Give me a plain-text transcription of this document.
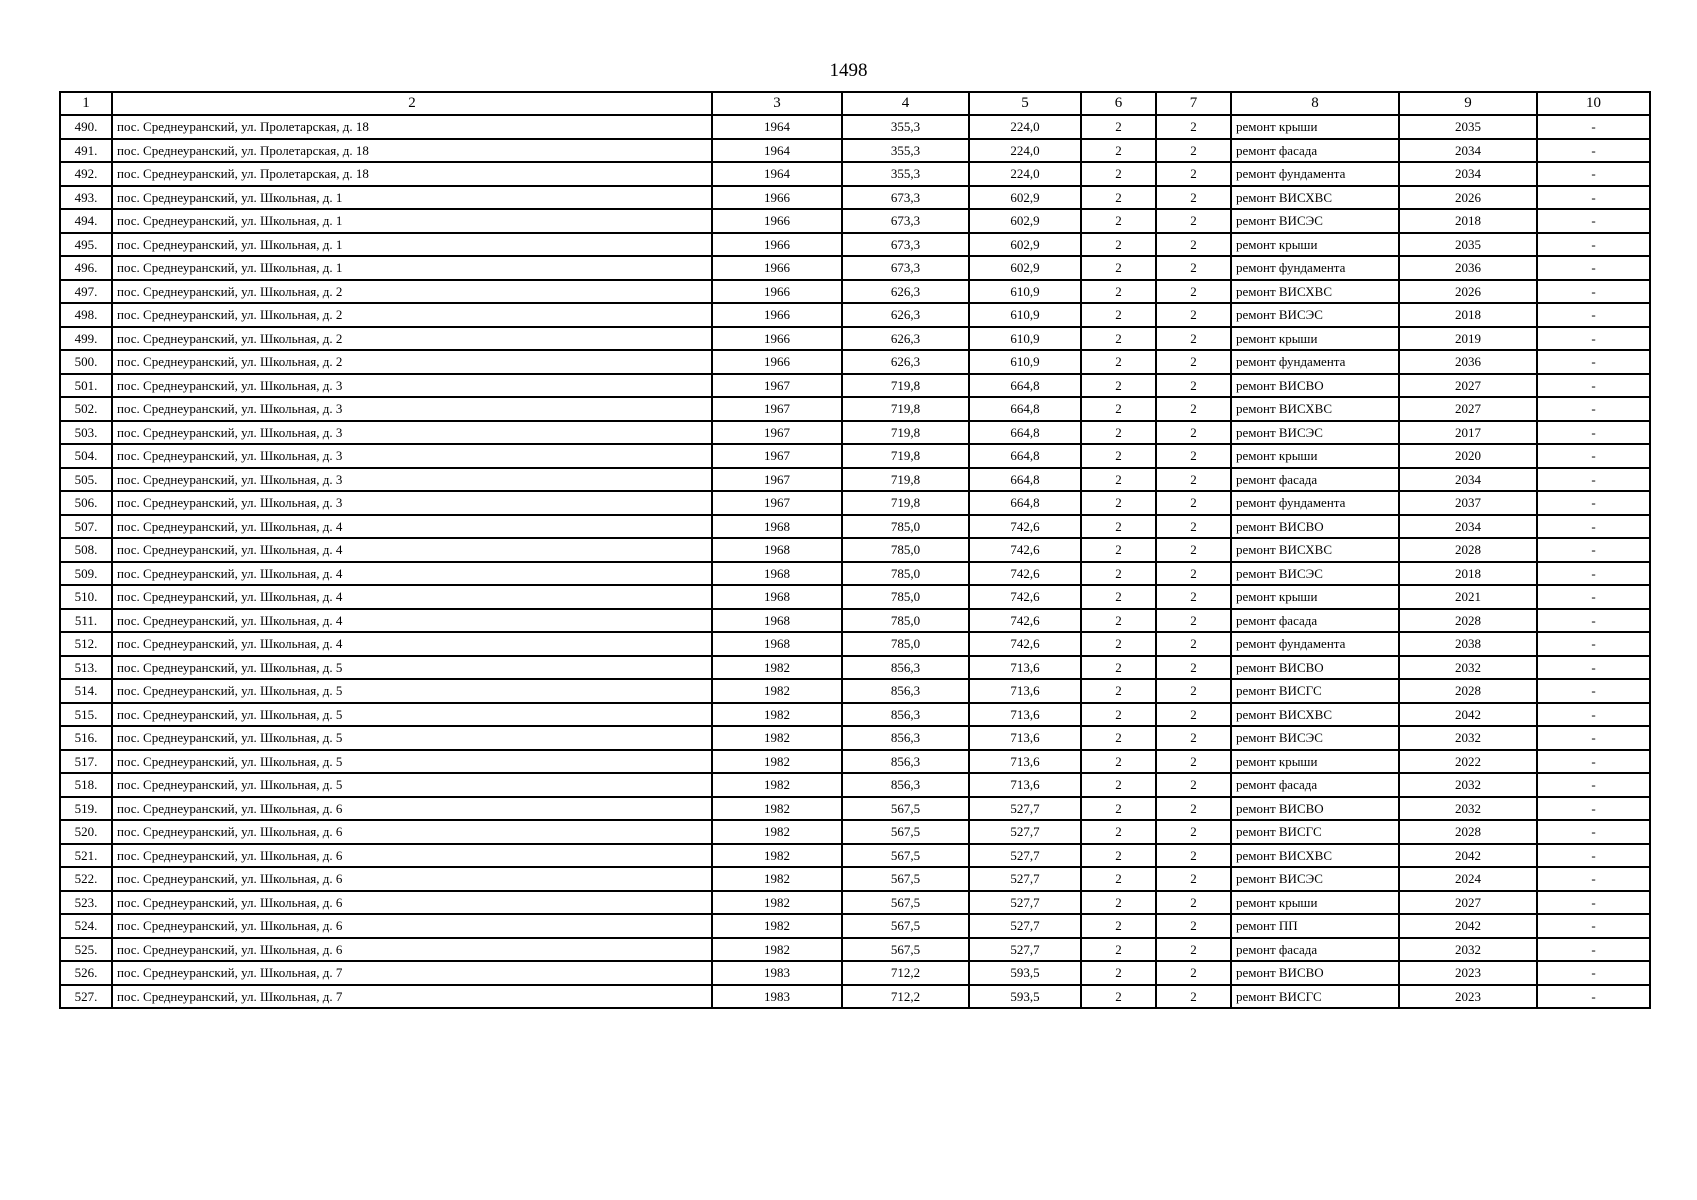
1498
1	2	3	4	5	6	7	8	9	10
490.	пос. Среднеуранский, ул. Пролетарская, д. 18	1964	355,3	224,0	2	2	ремонт крыши	2035	-
491.	пос. Среднеуранский, ул. Пролетарская, д. 18	1964	355,3	224,0	2	2	ремонт фасада	2034	-
492.	пос. Среднеуранский, ул. Пролетарская, д. 18	1964	355,3	224,0	2	2	ремонт фундамента	2034	-
493.	пос. Среднеуранский, ул. Школьная, д. 1	1966	673,3	602,9	2	2	ремонт ВИСХВС	2026	-
494.	пос. Среднеуранский, ул. Школьная, д. 1	1966	673,3	602,9	2	2	ремонт ВИСЭС	2018	-
495.	пос. Среднеуранский, ул. Школьная, д. 1	1966	673,3	602,9	2	2	ремонт крыши	2035	-
496.	пос. Среднеуранский, ул. Школьная, д. 1	1966	673,3	602,9	2	2	ремонт фундамента	2036	-
497.	пос. Среднеуранский, ул. Школьная, д. 2	1966	626,3	610,9	2	2	ремонт ВИСХВС	2026	-
498.	пос. Среднеуранский, ул. Школьная, д. 2	1966	626,3	610,9	2	2	ремонт ВИСЭС	2018	-
499.	пос. Среднеуранский, ул. Школьная, д. 2	1966	626,3	610,9	2	2	ремонт крыши	2019	-
500.	пос. Среднеуранский, ул. Школьная, д. 2	1966	626,3	610,9	2	2	ремонт фундамента	2036	-
501.	пос. Среднеуранский, ул. Школьная, д. 3	1967	719,8	664,8	2	2	ремонт ВИСВО	2027	-
502.	пос. Среднеуранский, ул. Школьная, д. 3	1967	719,8	664,8	2	2	ремонт ВИСХВС	2027	-
503.	пос. Среднеуранский, ул. Школьная, д. 3	1967	719,8	664,8	2	2	ремонт ВИСЭС	2017	-
504.	пос. Среднеуранский, ул. Школьная, д. 3	1967	719,8	664,8	2	2	ремонт крыши	2020	-
505.	пос. Среднеуранский, ул. Школьная, д. 3	1967	719,8	664,8	2	2	ремонт фасада	2034	-
506.	пос. Среднеуранский, ул. Школьная, д. 3	1967	719,8	664,8	2	2	ремонт фундамента	2037	-
507.	пос. Среднеуранский, ул. Школьная, д. 4	1968	785,0	742,6	2	2	ремонт ВИСВО	2034	-
508.	пос. Среднеуранский, ул. Школьная, д. 4	1968	785,0	742,6	2	2	ремонт ВИСХВС	2028	-
509.	пос. Среднеуранский, ул. Школьная, д. 4	1968	785,0	742,6	2	2	ремонт ВИСЭС	2018	-
510.	пос. Среднеуранский, ул. Школьная, д. 4	1968	785,0	742,6	2	2	ремонт крыши	2021	-
511.	пос. Среднеуранский, ул. Школьная, д. 4	1968	785,0	742,6	2	2	ремонт фасада	2028	-
512.	пос. Среднеуранский, ул. Школьная, д. 4	1968	785,0	742,6	2	2	ремонт фундамента	2038	-
513.	пос. Среднеуранский, ул. Школьная, д. 5	1982	856,3	713,6	2	2	ремонт ВИСВО	2032	-
514.	пос. Среднеуранский, ул. Школьная, д. 5	1982	856,3	713,6	2	2	ремонт ВИСГС	2028	-
515.	пос. Среднеуранский, ул. Школьная, д. 5	1982	856,3	713,6	2	2	ремонт ВИСХВС	2042	-
516.	пос. Среднеуранский, ул. Школьная, д. 5	1982	856,3	713,6	2	2	ремонт ВИСЭС	2032	-
517.	пос. Среднеуранский, ул. Школьная, д. 5	1982	856,3	713,6	2	2	ремонт крыши	2022	-
518.	пос. Среднеуранский, ул. Школьная, д. 5	1982	856,3	713,6	2	2	ремонт фасада	2032	-
519.	пос. Среднеуранский, ул. Школьная, д. 6	1982	567,5	527,7	2	2	ремонт ВИСВО	2032	-
520.	пос. Среднеуранский, ул. Школьная, д. 6	1982	567,5	527,7	2	2	ремонт ВИСГС	2028	-
521.	пос. Среднеуранский, ул. Школьная, д. 6	1982	567,5	527,7	2	2	ремонт ВИСХВС	2042	-
522.	пос. Среднеуранский, ул. Школьная, д. 6	1982	567,5	527,7	2	2	ремонт ВИСЭС	2024	-
523.	пос. Среднеуранский, ул. Школьная, д. 6	1982	567,5	527,7	2	2	ремонт крыши	2027	-
524.	пос. Среднеуранский, ул. Школьная, д. 6	1982	567,5	527,7	2	2	ремонт ПП	2042	-
525.	пос. Среднеуранский, ул. Школьная, д. 6	1982	567,5	527,7	2	2	ремонт фасада	2032	-
526.	пос. Среднеуранский, ул. Школьная, д. 7	1983	712,2	593,5	2	2	ремонт ВИСВО	2023	-
527.	пос. Среднеуранский, ул. Школьная, д. 7	1983	712,2	593,5	2	2	ремонт ВИСГС	2023	-
